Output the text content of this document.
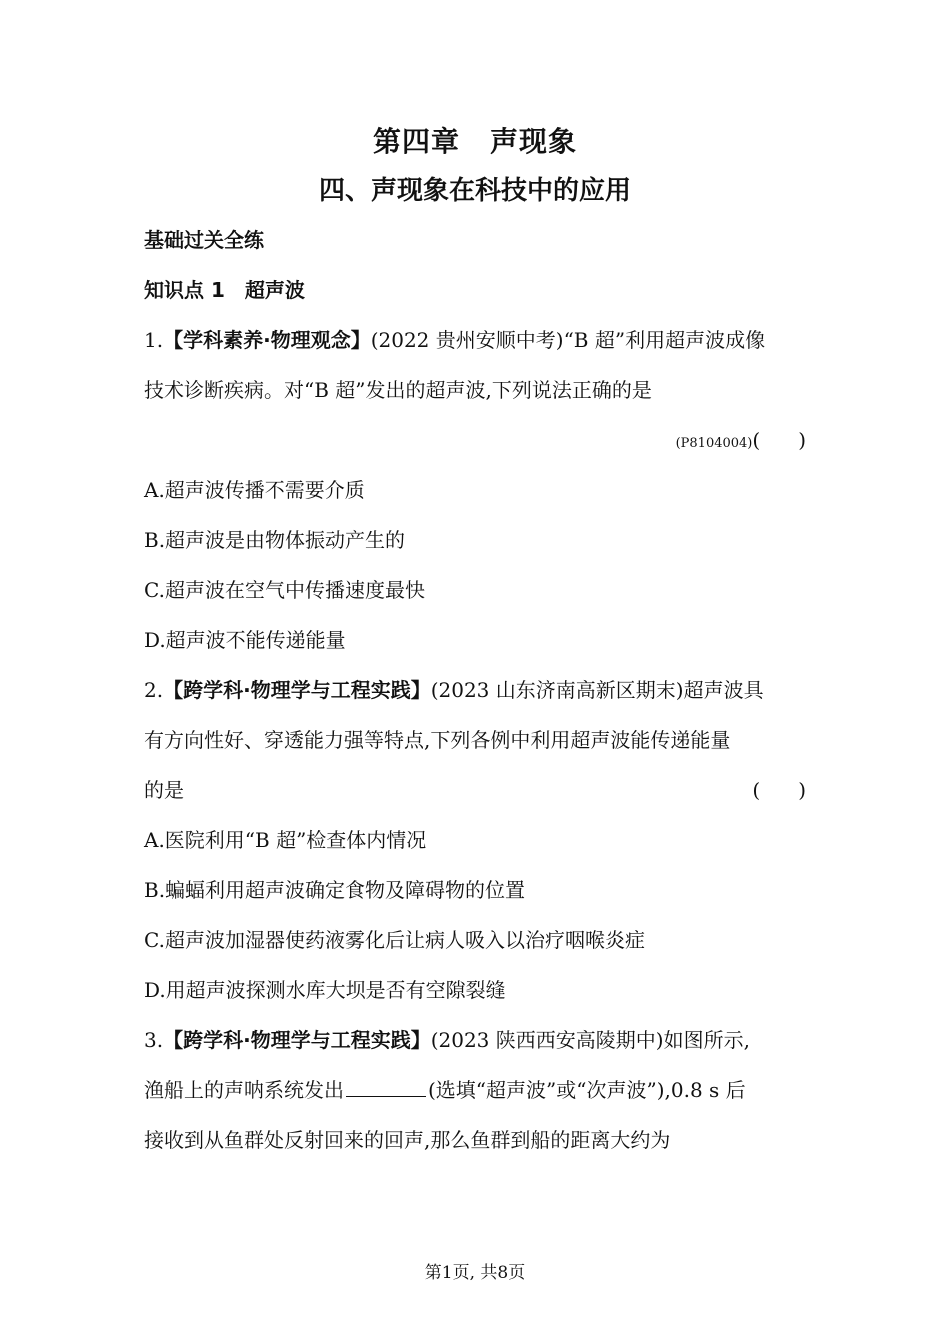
第四章 声现象
四、声现象在科技中的应用
基础过关全练
知识点 1 超声波
1.【学科素养·物理观念】(2022 贵州安顺中考)“B 超”利用超声波成像
技术诊断疾病。对“B 超”发出的超声波,下列说法正确的是
(P8104004)( )
A.超声波传播不需要介质
B.超声波是由物体振动产生的
C.超声波在空气中传播速度最快
D.超声波不能传递能量
2.【跨学科·物理学与工程实践】(2023 山东济南高新区期末)超声波具
有方向性好、穿透能力强等特点,下列各例中利用超声波能传递能量
的是	( )
A.医院利用“B 超”检查体内情况
B.蝙蝠利用超声波确定食物及障碍物的位置
C.超声波加湿器使药液雾化后让病人吸入以治疗咽喉炎症
D.用超声波探测水库大坝是否有空隙裂缝
3.【跨学科·物理学与工程实践】(2023 陕西西安高陵期中)如图所示,
渔船上的声呐系统发出	(选填“超声波”或“次声波”),0.8 s 后
接收到从鱼群处反射回来的回声,那么鱼群到船的距离大约为
第1页, 共8页
